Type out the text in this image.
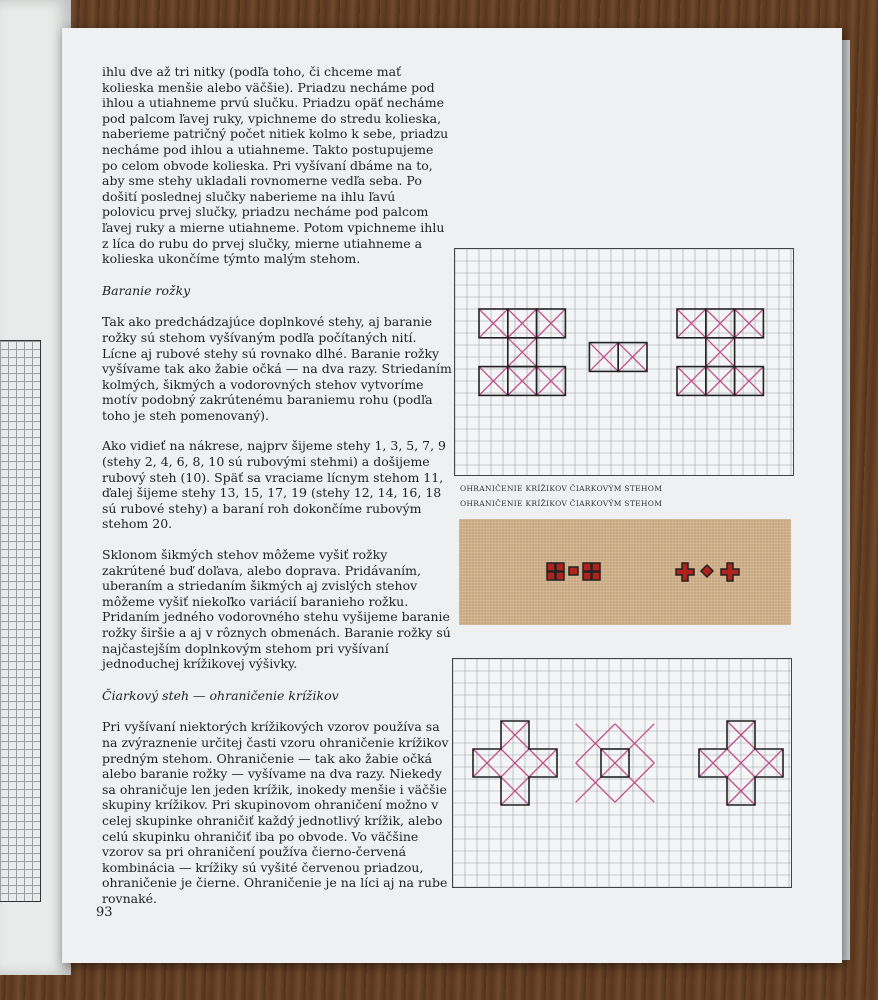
ihlu dve až tri nitky (podľa toho, či chceme mať kolieska menšie alebo väčšie). Priadzu necháme pod ihlou a utiahneme prvú slučku. Priadzu opäť necháme pod palcom ľavej ruky, vpichneme do stredu kolieska, naberieme patričný počet nitiek kolmo k sebe, priadzu necháme pod ihlou a utiahneme. Takto postupujeme po celom obvode kolieska. Pri vyšívaní dbáme na to, aby sme stehy ukladali rovnomerne vedľa seba. Po došití poslednej slučky naberieme na ihlu ľavú polovicu prvej slučky, priadzu necháme pod palcom ľavej ruky a mierne utiahneme. Potom vpichneme ihlu z líca do rubu do prvej slučky, mierne utiahneme a kolieska ukončíme týmto malým stehom.

Baranie rožky

Tak ako predchádzajúce doplnkové stehy, aj baranie rožky sú stehom vyšívaným podľa počítaných nití. Lícne aj rubové stehy sú rovnako dlhé. Baranie rožky vyšívame tak ako žabie očká — na dva razy. Striedaním kolmých, šikmých a vodorovných stehov vytvoríme motív podobný zakrútenému baraniemu rohu (podľa toho je steh pomenovaný).

Ako vidieť na nákrese, najprv šijeme stehy 1, 3, 5, 7, 9 (stehy 2, 4, 6, 8, 10 sú rubovými stehmi) a došijeme rubový steh (10). Späť sa vraciame lícnym stehom 11, ďalej šijeme stehy 13, 15, 17, 19 (stehy 12, 14, 16, 18 sú rubové stehy) a baraní roh dokončíme rubovým stehom 20.

Sklonom šikmých stehov môžeme vyšiť rožky zakrútené buď doľava, alebo doprava. Pridávaním, uberaním a striedaním šikmých aj zvislých stehov môžeme vyšiť niekoľko variácií baranieho rožku. Pridaním jedného vodorovného stehu vyšijeme baranie rožky širšie a aj v rôznych obmenách. Baranie rožky sú najčastejším doplnkovým stehom pri vyšívaní jednoduchej krížikovej výšivky.

Čiarkový steh — ohraničenie krížikov

Pri vyšívaní niektorých krížikových vzorov používa sa na zvýraznenie určitej časti vzoru ohraničenie krížikov predným stehom. Ohraničenie — tak ako žabie očká alebo baranie rožky — vyšívame na dva razy. Niekedy sa ohraničuje len jeden krížik, inokedy menšie i väčšie skupiny krížikov. Pri skupinovom ohraničení možno v celej skupinke ohraničiť každý jednotlivý krížik, alebo celú skupinku ohraničiť iba po obvode. Vo väčšine vzorov sa pri ohraničení používa čierno-červená kombinácia — krížiky sú vyšité červenou priadzou, ohraničenie je čierne. Ohraničenie je na líci aj na rube rovnaké.

93
OHRANIČENIE KRÍŽIKOV ČIARKOVÝM STEHOM
OHRANIČENIE KRÍŽIKOV ČIARKOVÝM STEHOM
